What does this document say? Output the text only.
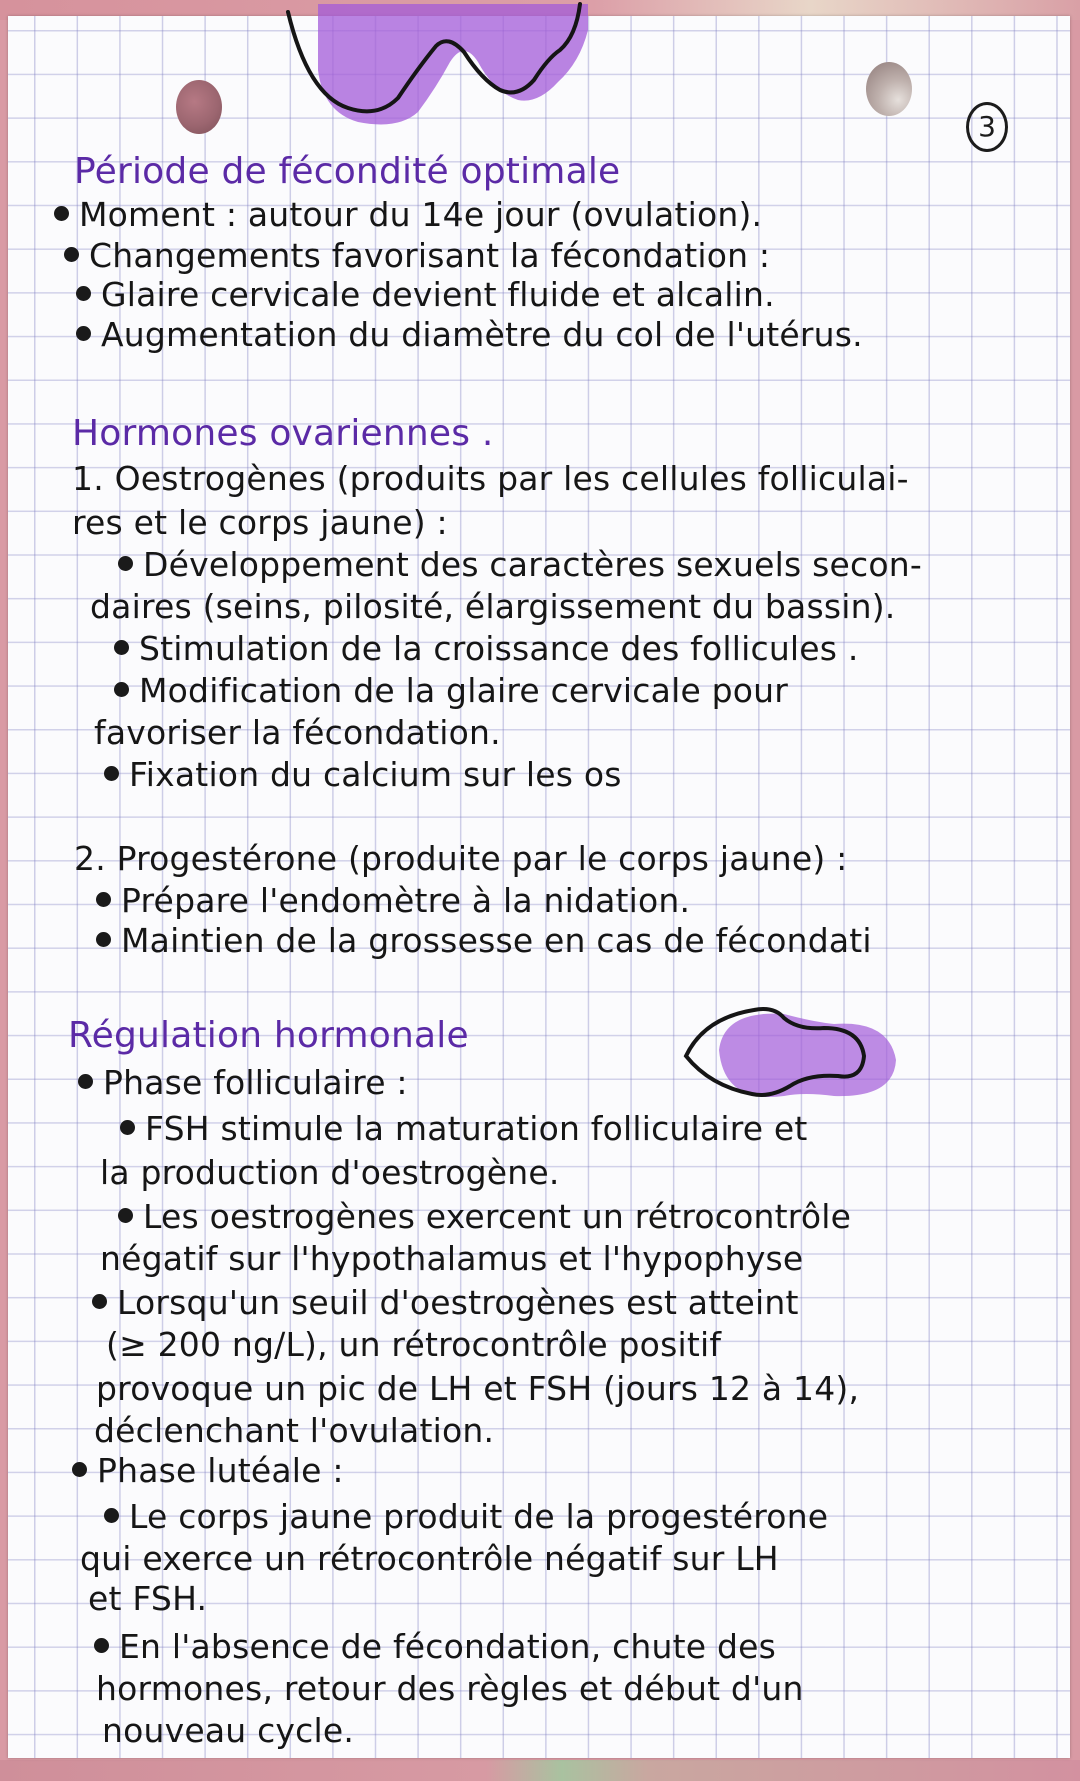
3
Période de fécondité optimale
Moment : autour du 14e jour (ovulation).
Changements favorisant la fécondation :
Glaire cervicale devient fluide et alcalin.
Augmentation du diamètre du col de l'utérus.
Hormones ovariennes .
1. Oestrogènes (produits par les cellules folliculai-
res et le corps jaune) :
Développement des caractères sexuels secon-
daires (seins, pilosité, élargissement du bassin).
Stimulation de la croissance des follicules .
Modification de la glaire cervicale pour
favoriser la fécondation.
Fixation du calcium sur les os
2. Progestérone (produite par le corps jaune) :
Prépare l'endomètre à la nidation.
Maintien de la grossesse en cas de fécondati
Régulation hormonale
Phase folliculaire :
FSH stimule la maturation folliculaire et
la production d'oestrogène.
Les oestrogènes exercent un rétrocontrôle
négatif sur l'hypothalamus et l'hypophyse
Lorsqu'un seuil d'oestrogènes est atteint
(≥ 200 ng/L), un rétrocontrôle positif
provoque un pic de LH et FSH (jours 12 à 14),
déclenchant l'ovulation.
Phase lutéale :
Le corps jaune produit de la progestérone
qui exerce un rétrocontrôle négatif sur LH
et FSH.
En l'absence de fécondation, chute des
hormones, retour des règles et début d'un
nouveau cycle.
